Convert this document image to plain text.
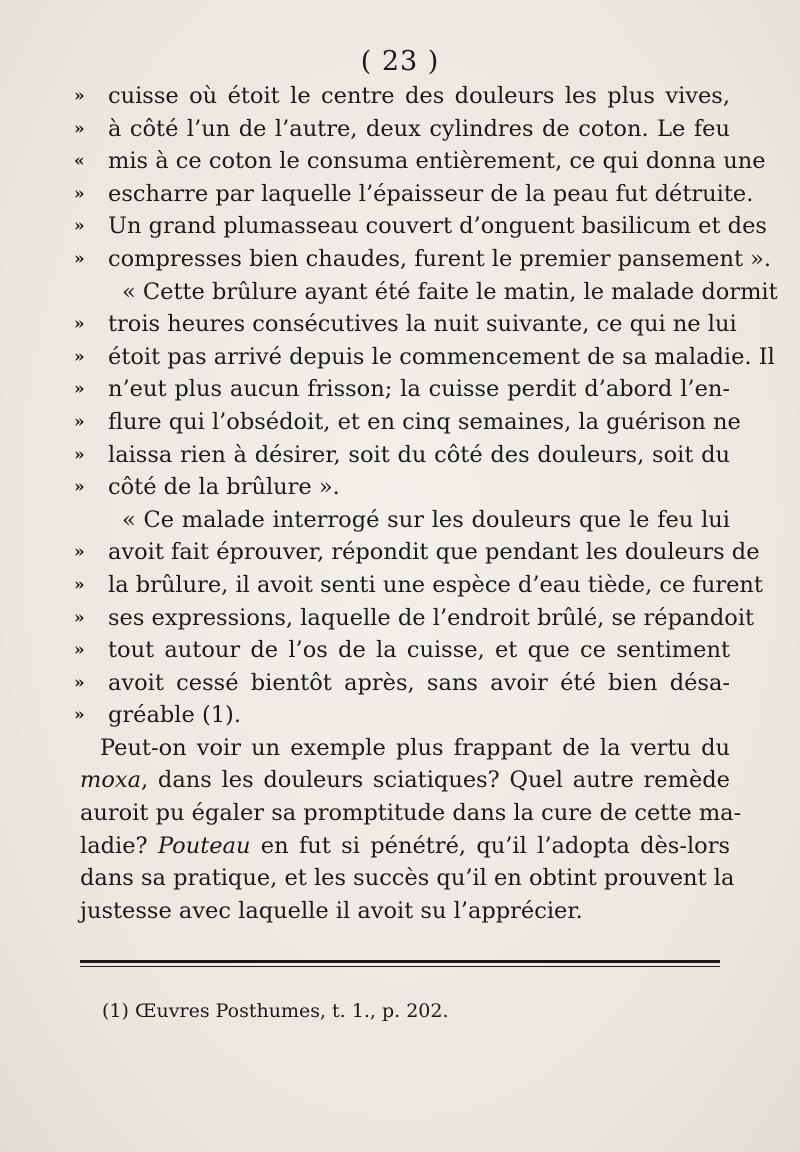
( 23 )
» cuisse où étoit le centre des douleurs les plus vives,
» à côté l’un de l’autre, deux cylindres de coton. Le feu
« mis à ce coton le consuma entièrement, ce qui donna une
» escharre par laquelle l’épaisseur de la peau fut détruite.
» Un grand plumasseau couvert d’onguent basilicum et des
» compresses bien chaudes, furent le premier pansement ».
« Cette brûlure ayant été faite le matin, le malade dormit
» trois heures consécutives la nuit suivante, ce qui ne lui
» étoit pas arrivé depuis le commencement de sa maladie. Il
» n’eut plus aucun frisson; la cuisse perdit d’abord l’en-
» flure qui l’obsédoit, et en cinq semaines, la guérison ne
» laissa rien à désirer, soit du côté des douleurs, soit du
» côté de la brûlure ».
« Ce malade interrogé sur les douleurs que le feu lui
» avoit fait éprouver, répondit que pendant les douleurs de
» la brûlure, il avoit senti une espèce d’eau tiède, ce furent
» ses expressions, laquelle de l’endroit brûlé, se répandoit
» tout autour de l’os de la cuisse, et que ce sentiment
» avoit cessé bientôt après, sans avoir été bien désa-
» gréable (1).
Peut-on voir un exemple plus frappant de la vertu du
moxa, dans les douleurs sciatiques? Quel autre remède
auroit pu égaler sa promptitude dans la cure de cette ma-
ladie? Pouteau en fut si pénétré, qu’il l’adopta dès-lors
dans sa pratique, et les succès qu’il en obtint prouvent la
justesse avec laquelle il avoit su l’apprécier.
(1) Œuvres Posthumes, t. 1., p. 202.
